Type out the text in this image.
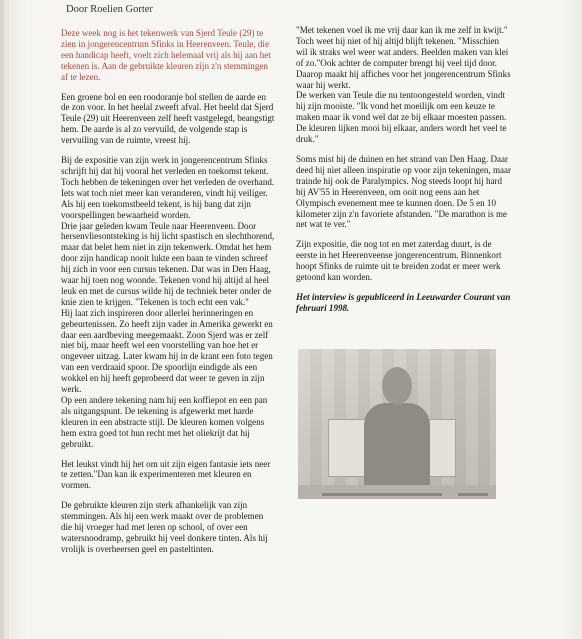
Door Roelien Gorter

Deze week nog is het tekenwerk van Sjerd Teule (29) te zien in jongerencentrum Sfinks in Heerenveen. Teule, die een handicap heeft, voelt zich helemaal vrij als hij aan het tekenen is. Aan de gebruikte kleuren zijn z'n stemmingen af te lezen.

Een groene bol en een roodoranje bol stellen de aarde en de zon voor. In het heelal zweeft afval. Het beeld dat Sjerd Teule (29) uit Heerenveen zelf heeft vastgelegd, beangstigt hem. De aarde is al zo vervuild, de volgende stap is vervuiling van de ruimte, vreest hij.

Bij de expositie van zijn werk in jongerencentrum Sfinks schrijft hij dat hij vooral het verleden en toekomst tekent. Toch hebben de tekeningen over het verleden de overhand. Iets wat toch niet meer kan veranderen, vindt hij veiliger. Als hij een toekomstbeeld tekent, is hij bang dat zijn voorspellingen bewaarheid worden.
Drie jaar geleden kwam Teule naar Heerenveen. Door hersenvliesontsteking is hij licht spastisch en slechthorend, maar dat belet hem niet in zijn tekenwerk. Omdat het hem door zijn handicap nooit lukte een baan te vinden schreef hij zich in voor een cursus tekenen. Dat was in Den Haag, waar hij toen nog woonde. Tekenen vond hij altijd al heel leuk en met de cursus wilde hij de techniek beter onder de knie zien te krijgen. "Tekenen is toch echt een vak."
Hij laat zich inspireren door allerlei herinneringen en gebeurtenissen. Zo heeft zijn vader in Amerika gewerkt en daar een aardbeving meegemaakt. Zoon Sjerd was er zelf niet bij, maar heeft wel een voorstelling van hoe het er ongeveer uitzag. Later kwam hij in de krant een foto tegen van een verdraaid spoor. De spoorlijn eindigde als een wokkel en hij heeft geprobeerd dat weer te geven in zijn werk.
Op een andere tekening nam hij een koffiepot en een pan als uitgangspunt. De tekening is afgewerkt met harde kleuren in een abstracte stijl. De kleuren komen volgens hem extra goed tot hun recht met het oliekrijt dat hij gebruikt.

Het leukst vindt hij het om uit zijn eigen fantasie iets neer te zetten."Dan kan ik experimenteren met kleuren en vormen.

De gebruikte kleuren zijn sterk afhankelijk van zijn stemmingen. Als hij een werk maakt over de problemen die hij vroeger had met leren op school, of over een watersnoodramp, gebruikt hij veel donkere tinten. Als hij vrolijk is overheersen geel en pasteltinten.

"Met tekenen voel ik me vrij daar kan ik me zelf in kwijt." Toch weet hij niet of hij altijd blijft tekenen. "Misschien wil ik straks wel weer wat anders. Beelden maken van klei of zo."Ook achter de computer brengt hij veel tijd door. Daarop maakt hij affiches voor het jongerencentrum Sfinks waar hij werkt.
De werken van Teule die nu tentoongesteld worden, vindt hij zijn mooiste. "Ik vond het moeilijk om een keuze te maken maar ik vond wel dat ze bij elkaar moesten passen. De kleuren lijken mooi bij elkaar, anders wordt het veel te druk."

Soms mist hij de duinen en het strand van Den Haag. Daar deed hij niet alleen inspiratie op voor zijn tekeningen, maar trainde hij ook de Paralympics. Nog steeds loopt hij hard bij AV'55 in Heerenveen, om ooit nog eens aan het Olympisch evenement mee te kunnen doen. De 5 en 10 kilometer zijn z'n favoriete afstanden. "De marathon is me net wat te ver."

Zijn expositie, die nog tot en met zaterdag duurt, is de eerste in het Heerenveense jongerencentrum. Binnenkort hoopt Sfinks de ruimte uit te breiden zodat er meer werk getoond kan worden.

Het interview is gepubliceerd in Leeuwarder Courant van februari 1998.
